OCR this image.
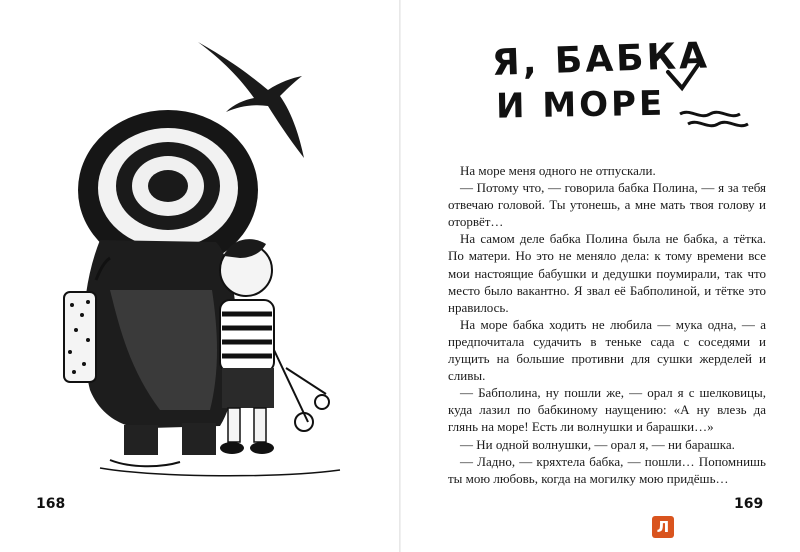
168
Я, БАБКА
И МОРЕ

На море меня одного не отпускали.

— Потому что, — говорила бабка Полина, — я за тебя отвечаю головой. Ты утонешь, а мне мать твоя голову и оторвёт…

На самом деле бабка Полина была не бабка, а тётка. По матери. Но это не меняло дела: к тому времени все мои настоящие бабушки и дедушки поумирали, так что место было вакантно. Я звал её Бабполиной, и тётке это нравилось.

На море бабка ходить не любила — мука одна, — а предпочитала судачить в теньке сада с соседями и лущить на большие противни для сушки жерделей и сливы.

— Бабполина, ну пошли же, — орал я с шелковицы, куда лазил по бабкиному наущению: «А ну влезь да глянь на море! Есть ли волнушки и барашки…»

— Ни одной волнушки, — орал я, — ни барашка.

— Ладно, — кряхтела бабка, — пошли… Попомнишь ты мою любовь, когда на могилку мою придёшь…

169
Л
